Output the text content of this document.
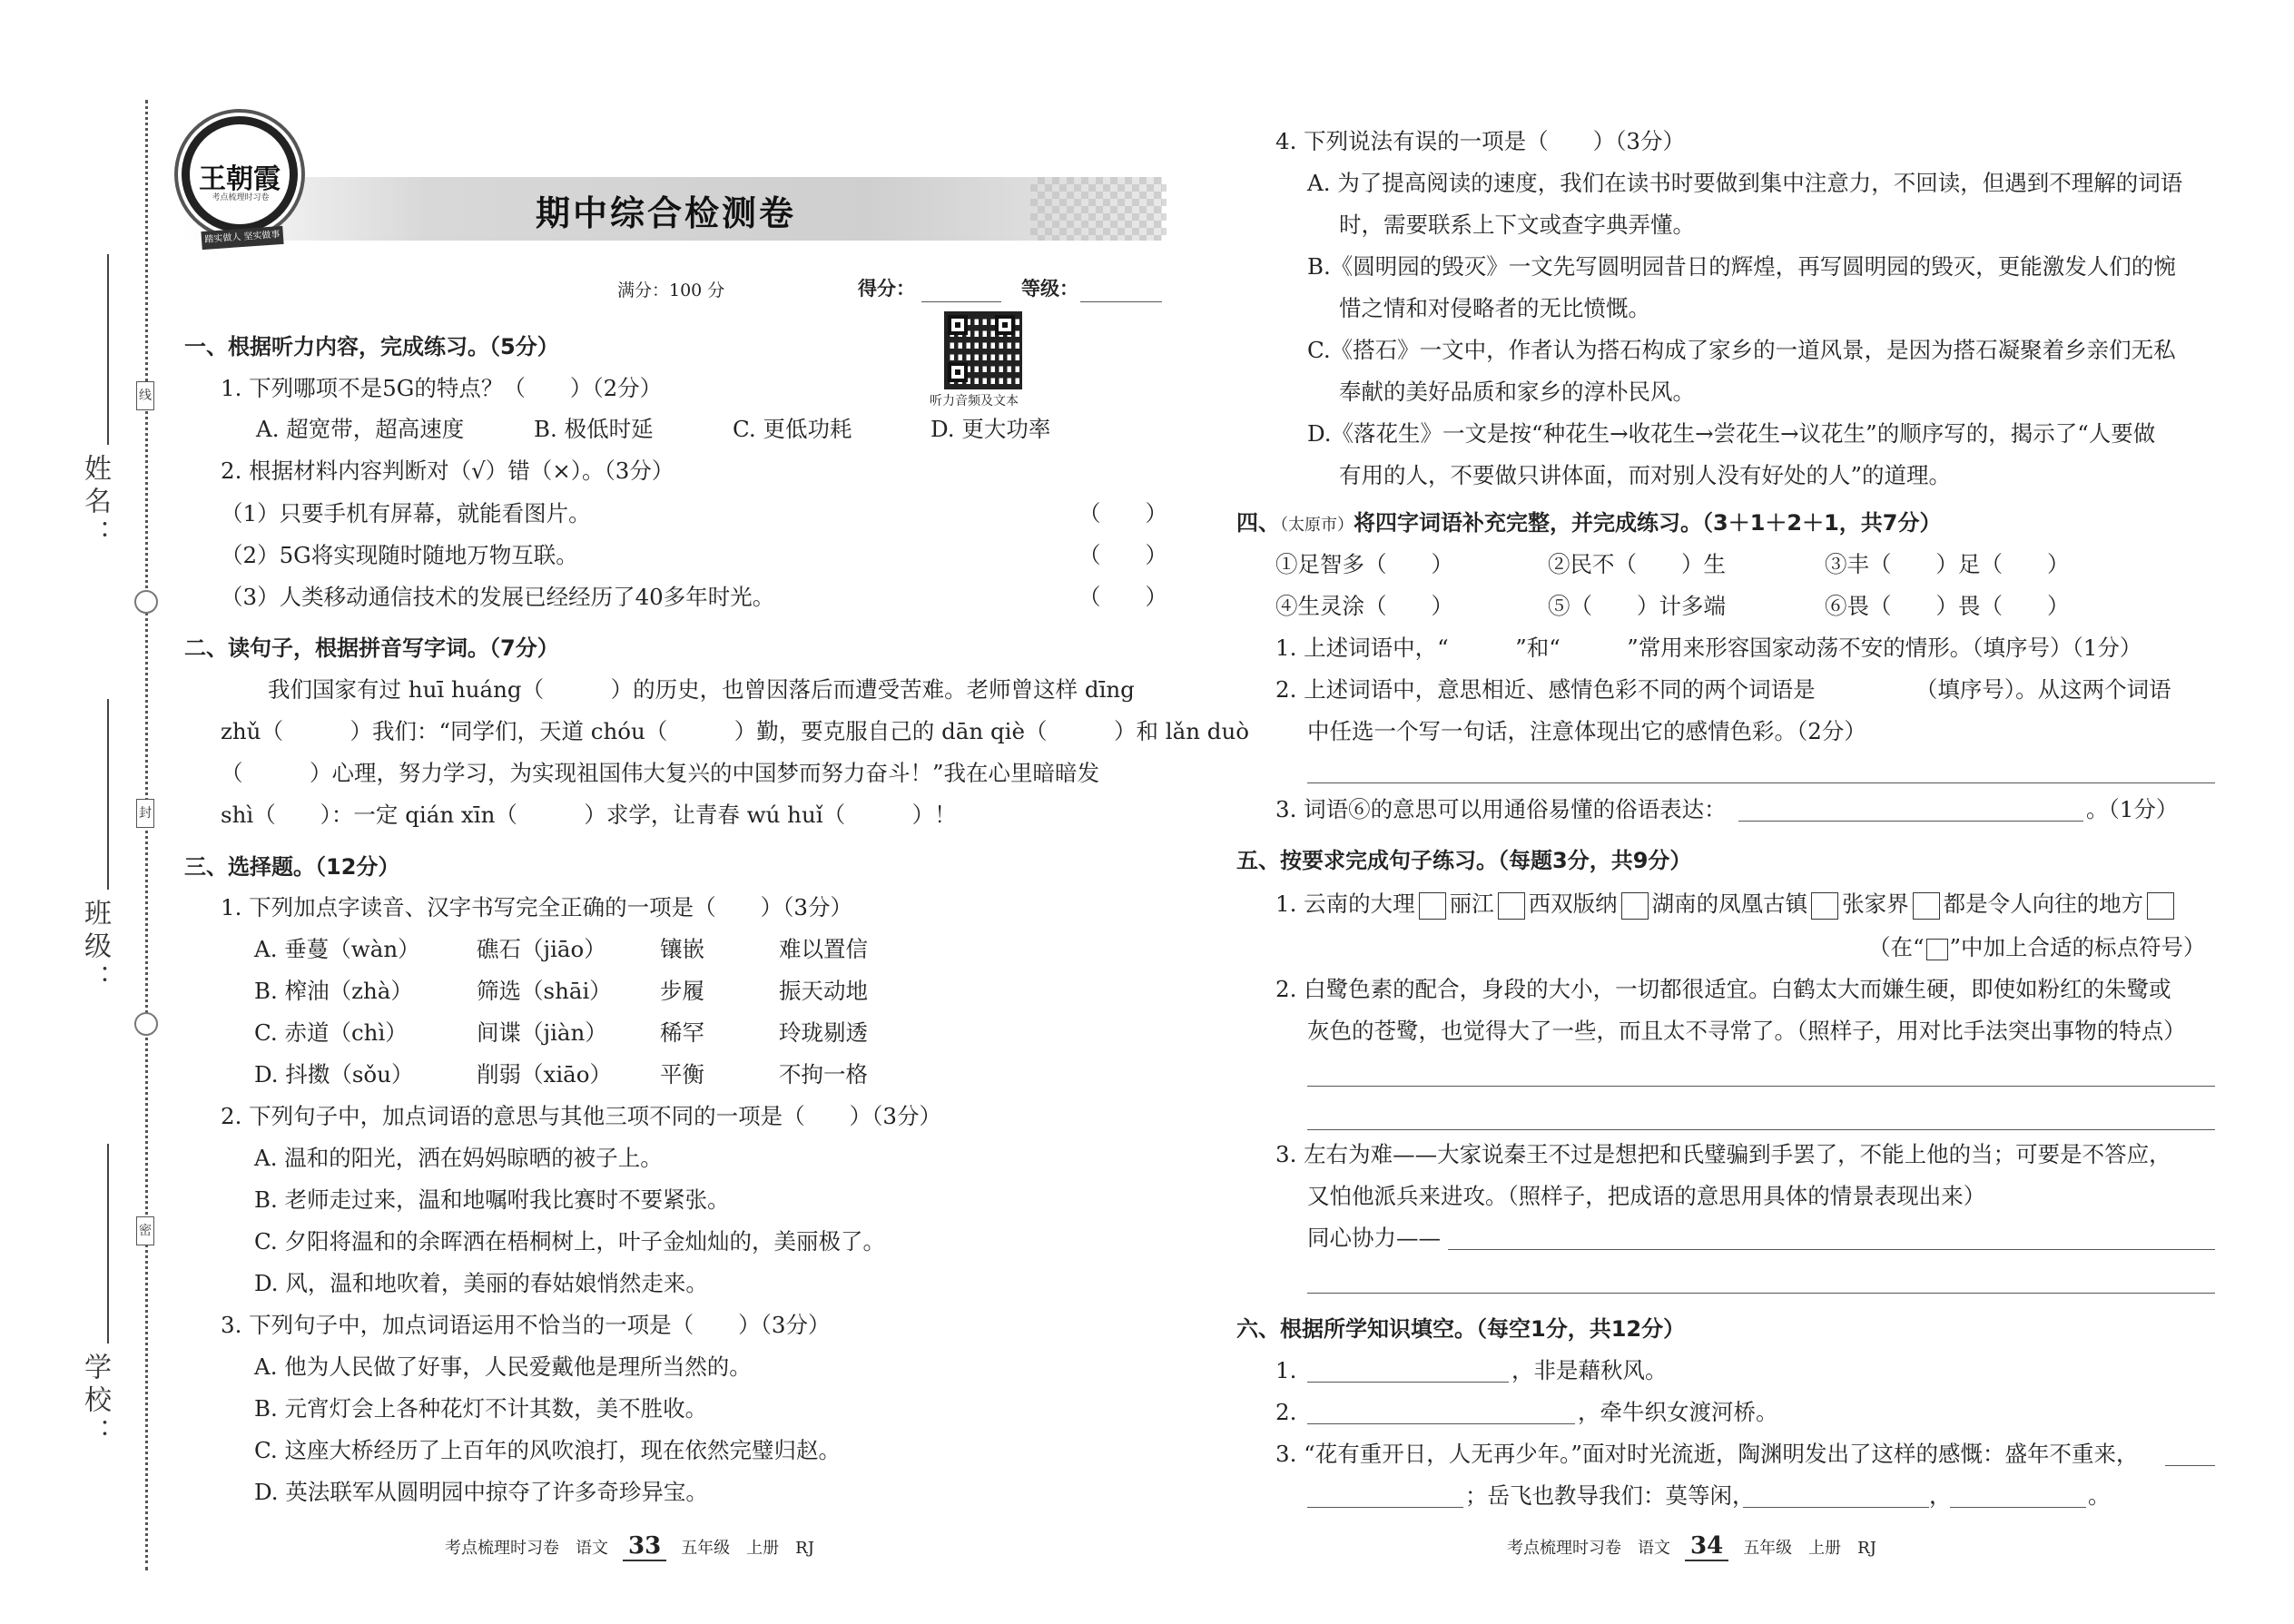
姓名：
班级：
学校：
线
封
密
王朝霞
考点梳理时习卷
踏实做人 坚实做事
期中综合检测卷
满分：100 分	得分：	等级：
听力音频及文本
一、根据听力内容，完成练习。（5分）
1. 下列哪项不是5G的特点？（　　）（2分）
A. 超宽带，超高速度	B. 极低时延	C. 更低功耗	D. 更大功率
2. 根据材料内容判断对（√）错（×）。（3分）
（1）只要手机有屏幕，就能看图片。	（　　）
（2）5G将实现随时随地万物互联。	（　　）
（3）人类移动通信技术的发展已经经历了40多年时光。	（　　）
二、读句子，根据拼音写字词。（7分）
我们国家有过 huī huáng（　　　）的历史，也曾因落后而遭受苦难。老师曾这样 dīng
zhǔ（　　　）我们：“同学们，天道 chóu（　　　）勤，要克服自己的 dān qiè（　　　）和 lǎn duò
（　　　）心理，努力学习，为实现祖国伟大复兴的中国梦而努力奋斗！”我在心里暗暗发
shì（　　）：一定 qián xīn（　　　）求学，让青春 wú huǐ（　　　）！
三、选择题。（12分）
1. 下列加点字读音、汉字书写完全正确的一项是（　　）（3分）
A. 垂蔓（wàn）	礁石（jiāo） 镶嵌	难以置信
B. 榨油（zhà）	筛选（shāi） 步履	振天动地
C. 赤道（chì）	间谍（jiàn） 稀罕	玲珑剔透
D. 抖擞（sǒu）	削弱（xiāo） 平衡	不拘一格
2. 下列句子中，加点词语的意思与其他三项不同的一项是（　　）（3分）
A. 温和的阳光，洒在妈妈晾晒的被子上。
B. 老师走过来，温和地嘱咐我比赛时不要紧张。
C. 夕阳将温和的余晖洒在梧桐树上，叶子金灿灿的，美丽极了。
D. 风，温和地吹着，美丽的春姑娘悄然走来。
3. 下列句子中，加点词语运用不恰当的一项是（　　）（3分）
A. 他为人民做了好事，人民爱戴他是理所当然的。
B. 元宵灯会上各种花灯不计其数，美不胜收。
C. 这座大桥经历了上百年的风吹浪打，现在依然完璧归赵。
D. 英法联军从圆明园中掠夺了许多奇珍异宝。
考点梳理时习卷　语文 33 五年级　上册　RJ
4. 下列说法有误的一项是（　　）（3分）
A. 为了提高阅读的速度，我们在读书时要做到集中注意力，不回读，但遇到不理解的词语
时，需要联系上下文或查字典弄懂。
B.《圆明园的毁灭》一文先写圆明园昔日的辉煌，再写圆明园的毁灭，更能激发人们的惋
惜之情和对侵略者的无比愤慨。
C.《搭石》一文中，作者认为搭石构成了家乡的一道风景，是因为搭石凝聚着乡亲们无私
奉献的美好品质和家乡的淳朴民风。
D.《落花生》一文是按“种花生→收花生→尝花生→议花生”的顺序写的，揭示了“人要做
有用的人，不要做只讲体面，而对别人没有好处的人”的道理。
四、（太原市）将四字词语补充完整，并完成练习。（3＋1＋2＋1，共7分）
①足智多（　　）	②民不（　　）生	③丰（　　）足（　　）
④生灵涂（　　）	⑤（　　）计多端	⑥畏（　　）畏（　　）
1. 上述词语中，“　　　”和“　　　”常用来形容国家动荡不安的情形。（填序号）（1分）
2. 上述词语中，意思相近、感情色彩不同的两个词语是　　　　　（填序号）。从这两个词语
中任选一个写一句话，注意体现出它的感情色彩。（2分）
3. 词语⑥的意思可以用通俗易懂的俗语表达：	。（1分）
五、按要求完成句子练习。（每题3分，共9分）
1. 云南的大理 丽江 西双版纳 湖南的凤凰古镇 张家界 都是令人向往的地方
（在“ ”中加上合适的标点符号）
2. 白鹭色素的配合，身段的大小，一切都很适宜。白鹤太大而嫌生硬，即使如粉红的朱鹭或
灰色的苍鹭，也觉得大了一些，而且太不寻常了。（照样子，用对比手法突出事物的特点）
3. 左右为难——大家说秦王不过是想把和氏璧骗到手罢了，不能上他的当；可要是不答应，
又怕他派兵来进攻。（照样子，把成语的意思用具体的情景表现出来）
同心协力——
六、根据所学知识填空。（每空1分，共12分）
1.	，非是藉秋风。
2.	，牵牛织女渡河桥。
3. “花有重开日，人无再少年。”面对时光流逝，陶渊明发出了这样的感慨：盛年不重来，
；岳飞也教导我们：莫等闲，	，	。
考点梳理时习卷　语文 34 五年级　上册　RJ
